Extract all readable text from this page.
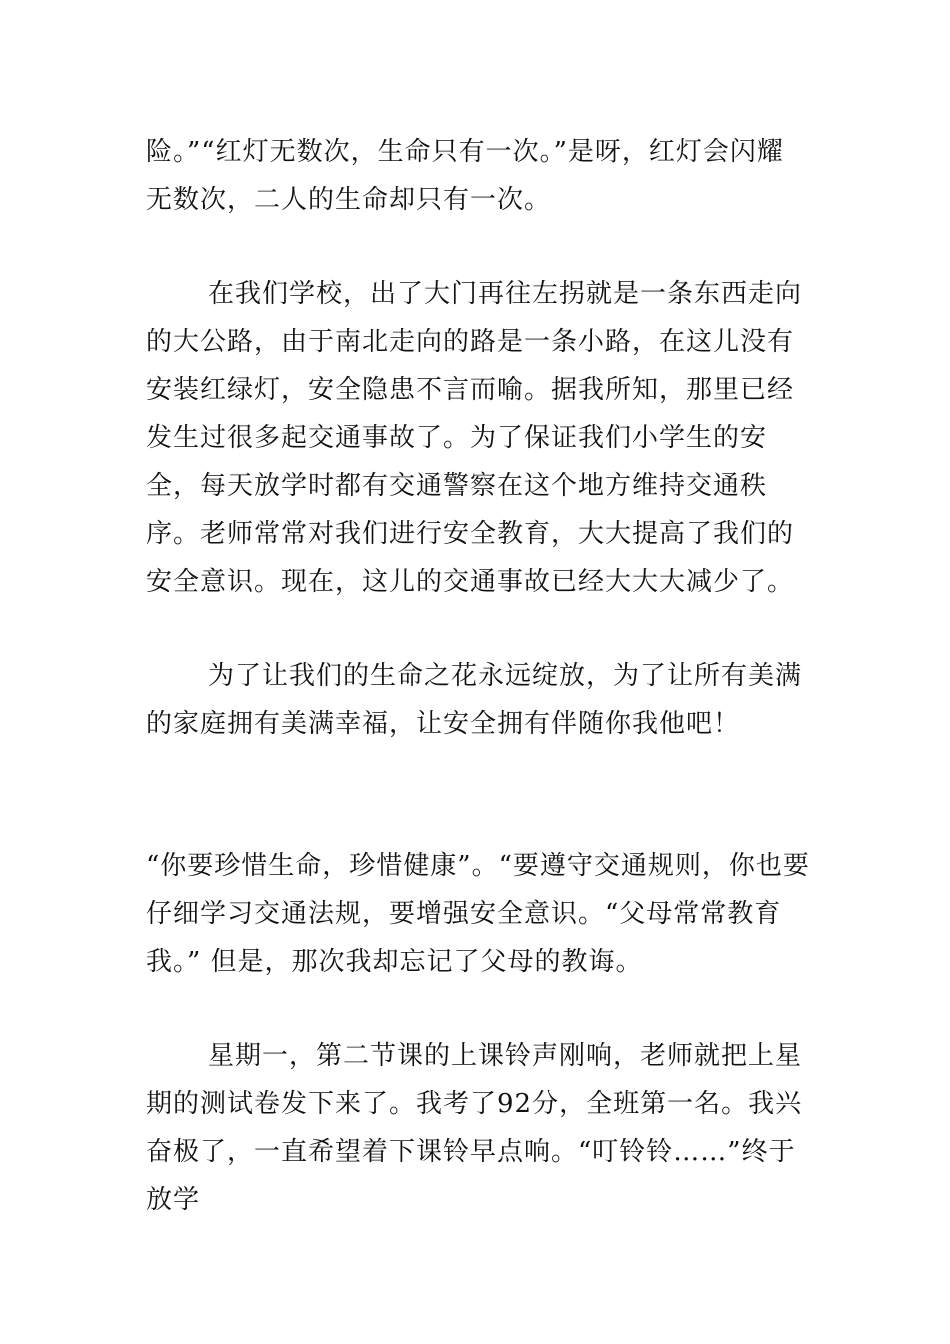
险。”“红灯无数次，生命只有一次。”是呀，红灯会闪耀无数次，二人的生命却只有一次。

在我们学校，出了大门再往左拐就是一条东西走向的大公路，由于南北走向的路是一条小路，在这儿没有安装红绿灯，安全隐患不言而喻。据我所知，那里已经发生过很多起交通事故了。为了保证我们小学生的安全，每天放学时都有交通警察在这个地方维持交通秩序。老师常常对我们进行安全教育，大大提高了我们的安全意识。现在，这儿的交通事故已经大大大减少了。

为了让我们的生命之花永远绽放，为了让所有美满的家庭拥有美满幸福，让安全拥有伴随你我他吧！

“你要珍惜生命，珍惜健康”。“要遵守交通规则，你也要仔细学习交通法规，要增强安全意识。“父母常常教育我。” 但是，那次我却忘记了父母的教诲。

星期一，第二节课的上课铃声刚响，老师就把上星期的测试卷发下来了。我考了92分，全班第一名。我兴奋极了，一直希望着下课铃早点响。“叮铃铃……”终于放学
